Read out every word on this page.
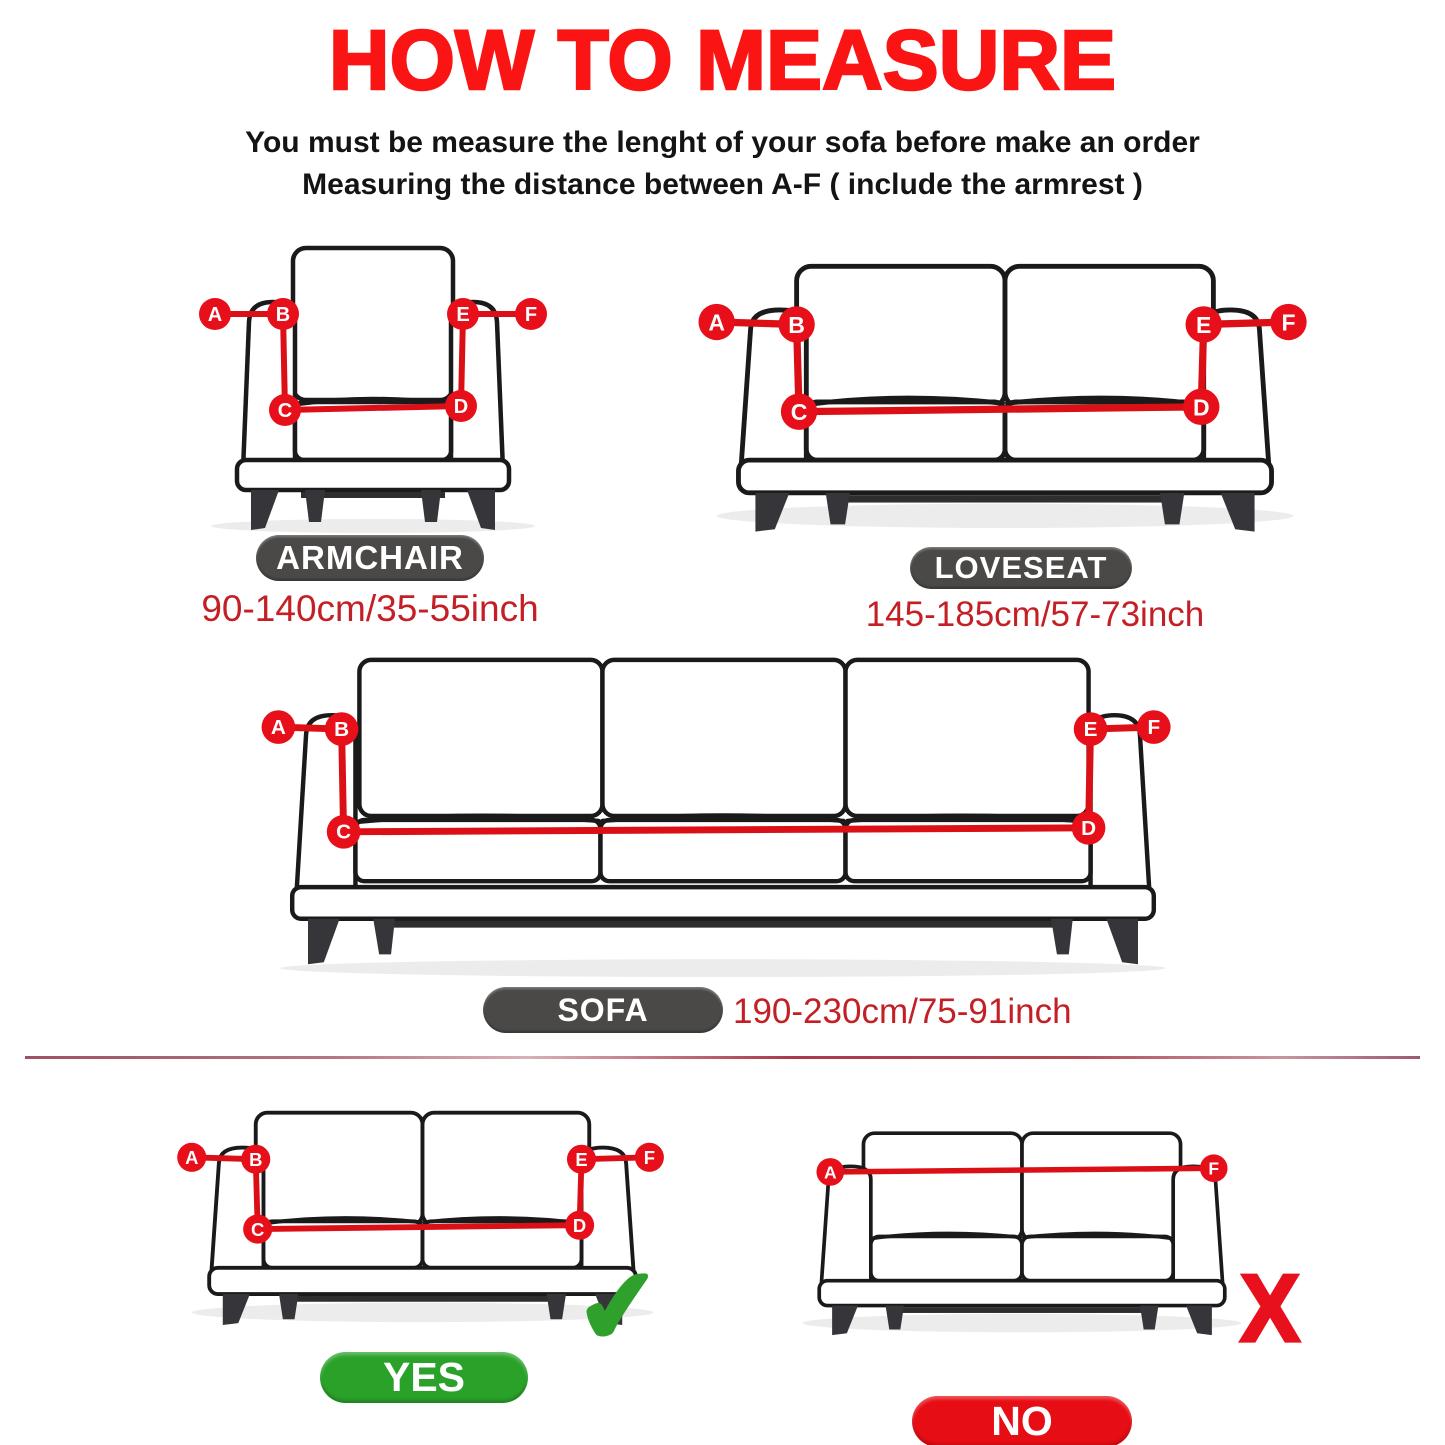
HOW TO MEASURE
You must be measure the lenght of your sofa before make an order
Measuring the distance between A-F ( include the armrest )
A	B
C	D
E	F
ARMCHAIR
90-140cm/35-55inch
A	B
C	D
E	F
LOVESEAT
145-185cm/57-73inch
A B
C	D
E F
SOFA	190-230cm/75-91inch
A	B
C	D
E	F
✔
YES
A	F
X
NO
